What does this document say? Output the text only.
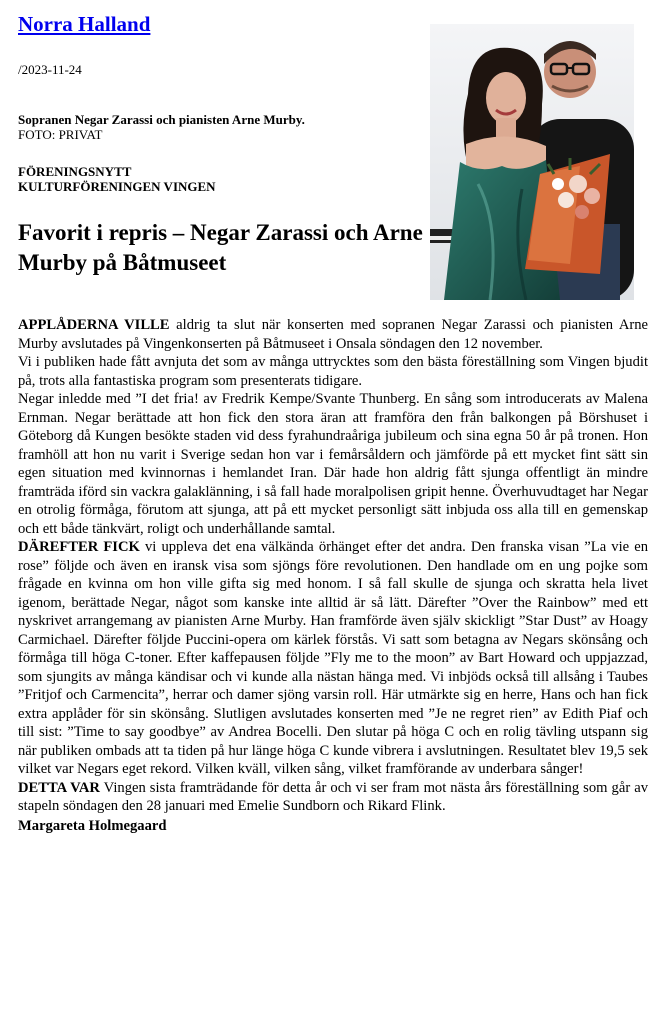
Norra Halland
/2023-11-24
Sopranen Negar Zarassi och pianisten Arne Murby.
FOTO: PRIVAT
FÖRENINGSNYTT
KULTURFÖRENINGEN VINGEN
Favorit i repris – Negar Zarassi och Arne Murby på Båtmuseet

APPLÅDERNA VILLE aldrig ta slut när konserten med sopranen Negar Zarassi och pianisten Arne Murby avslutades på Vingenkonserten på Båtmuseet i Onsala söndagen den 12 november.

Vi i publiken hade fått avnjuta det som av många uttrycktes som den bästa föreställning som Vingen bjudit på, trots alla fantastiska program som presenterats tidigare.

Negar inledde med ”I det fria! av Fredrik Kempe/Svante Thunberg. En sång som introducerats av Malena Ernman. Negar berättade att hon fick den stora äran att framföra den från balkongen på Börshuset i Göteborg då Kungen besökte staden vid dess fyrahundraåriga jubileum och sina egna 50 år på tronen. Hon framhöll att hon nu varit i Sverige sedan hon var i femårsåldern och jämförde på ett mycket fint sätt sin egen situation med kvinnornas i hemlandet Iran. Där hade hon aldrig fått sjunga offentligt än mindre framträda iförd sin vackra galaklänning, i så fall hade moralpolisen gripit henne. Överhuvudtaget har Negar en otrolig förmåga, förutom att sjunga, att på ett mycket personligt sätt inbjuda oss alla till en gemenskap och ett både tänkvärt, roligt och underhållande samtal.

DÄREFTER FICK vi uppleva det ena välkända örhänget efter det andra. Den franska visan ”La vie en rose” följde och även en iransk visa som sjöngs före revolutionen. Den handlade om en ung pojke som frågade en kvinna om hon ville gifta sig med honom. I så fall skulle de sjunga och skratta hela livet igenom, berättade Negar, något som kanske inte alltid är så lätt. Därefter ”Over the Rainbow” med ett nyskrivet arrangemang av pianisten Arne Murby. Han framförde även själv skickligt ”Star Dust” av Hoagy Carmichael. Därefter följde Puccini-opera om kärlek förstås. Vi satt som betagna av Negars skönsång och förmåga till höga C-toner. Efter kaffepausen följde ”Fly me to the moon” av Bart Howard och uppjazzad, som sjungits av många kändisar och vi kunde alla nästan hänga med. Vi inbjöds också till allsång i Taubes ”Fritjof och Carmencita”, herrar och damer sjöng varsin roll. Här utmärkte sig en herre, Hans och han fick extra applåder för sin skönsång. Slutligen avslutades konserten med ”Je ne regret rien” av Edith Piaf och till sist: ”Time to say goodbye” av Andrea Bocelli. Den slutar på höga C och en rolig tävling utspann sig när publiken ombads att ta tiden på hur länge höga C kunde vibrera i avslutningen. Resultatet blev 19,5 sek vilket var Negars eget rekord. Vilken kväll, vilken sång, vilket framförande av underbara sånger!

DETTA VAR Vingen sista framträdande för detta år och vi ser fram mot nästa års föreställning som går av stapeln söndagen den 28 januari med Emelie Sundborn och Rikard Flink.

Margareta Holmegaard
